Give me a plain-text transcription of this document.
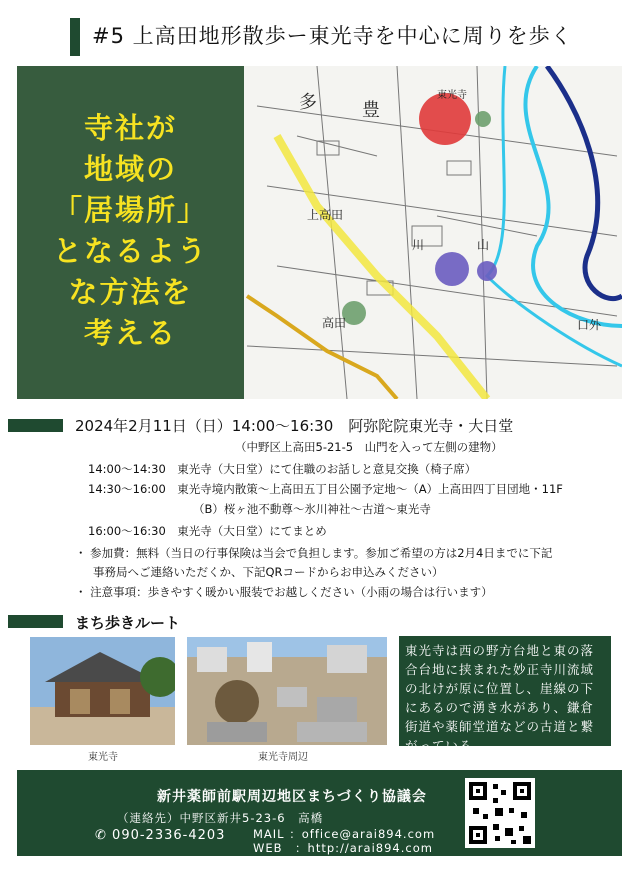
#5 上高田地形散歩ー東光寺を中心に周りを歩く
多	豊
上高田
川	山
高田
東光寺
口外
寺社が
地域の
「居場所」
となるよう
な方法を
考える
2024年2月11日（日）14:00～16:30　阿弥陀院東光寺・大日堂
（中野区上高田5-21-5　山門を入って左側の建物）
14:00～14:30　東光寺（大日堂）にて住職のお話しと意見交換（椅子席）
14:30～16:00　東光寺境内散策～上高田五丁目公園予定地～（A）上高田四丁目団地・11F
（B）桜ヶ池不動尊～氷川神社～古道～東光寺
16:00～16:30　東光寺（大日堂）にてまとめ
・ 参加費：無料（当日の行事保険は当会で負担します。参加ご希望の方は2月4日までに下記
事務局へご連絡いただくか、下記QRコードからお申込みください）
・ 注意事項：歩きやすく暖かい服装でお越しください（小雨の場合は行います）
まち歩きルート
東光寺	東光寺周辺
東光寺は西の野方台地と東の落合台地に挟まれた妙正寺川流域の北けが原に位置し、崖線の下にあるので湧き水があり、鎌倉街道や薬師堂道などの古道と繋がっている
新井薬師前駅周辺地区まちづくり協議会
（連絡先）中野区新井5-23-6　高橋
✆ 090-2336-4203 MAIL ：office@arai894.com
WEB　：http://arai894.com
